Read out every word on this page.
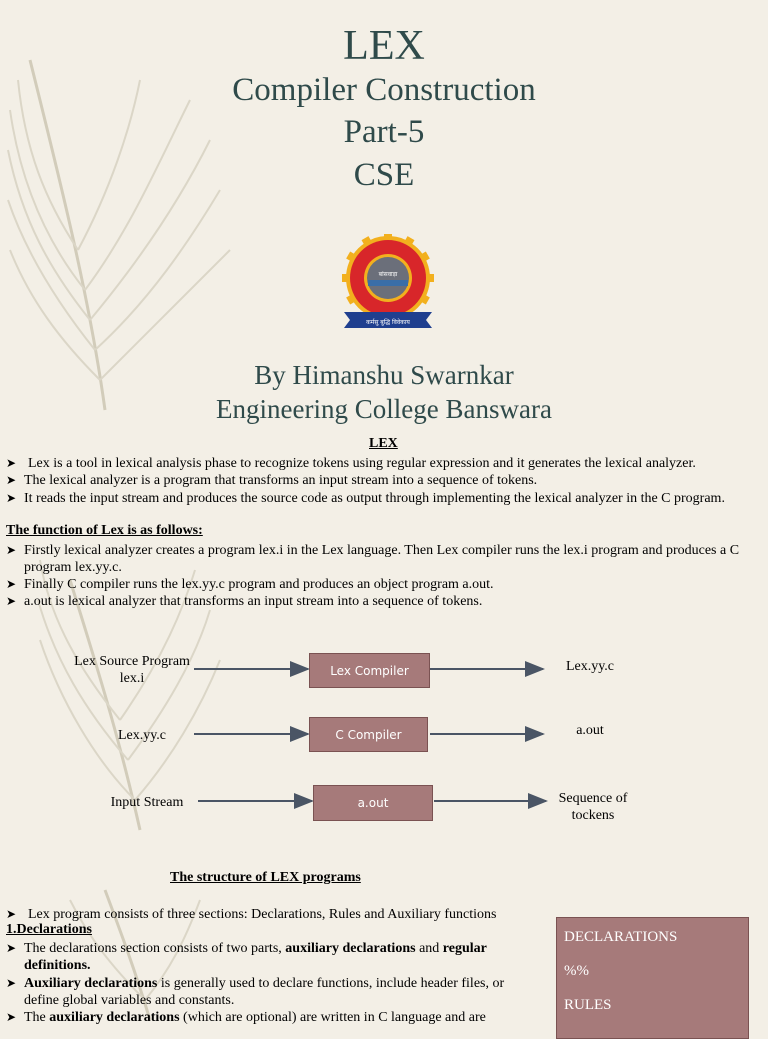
LEX
Compiler Construction
Part-5
CSE
बांसवाड़ा
कर्मसु बुद्धि विवेकाय
By Himanshu Swarnkar
Engineering College Banswara
LEX
➤ Lex is a tool in lexical analysis phase to recognize tokens using regular expression and it generates the lexical analyzer.
➤ The lexical analyzer is a program that transforms an input stream into a sequence of tokens.
➤ It reads the input stream and produces the source code as output through implementing the lexical analyzer in the C program.
The function of Lex is as follows:
➤ Firstly lexical analyzer creates a program lex.i in the Lex language. Then Lex compiler runs the lex.i program and produces a C program lex.yy.c.
➤ Finally C compiler runs the lex.yy.c program and produces an object program a.out.
➤ a.out is lexical analyzer that transforms an input stream into a sequence of tokens.
Lex Source Program lex.i
Lex Compiler	Lex.yy.c
Lex.yy.c	C Compiler	a.out
Input Stream	a.out	Sequence of tockens
The structure of LEX programs
➤ Lex program consists of three sections: Declarations, Rules and Auxiliary functions
1.Declarations
➤ The declarations section consists of two parts, auxiliary declarations and regular definitions.
➤ Auxiliary declarations is generally used to declare functions, include header files, or define global variables and constants.
➤ The auxiliary declarations (which are optional) are written in C language and are
DECLARATIONS
%%
RULES
